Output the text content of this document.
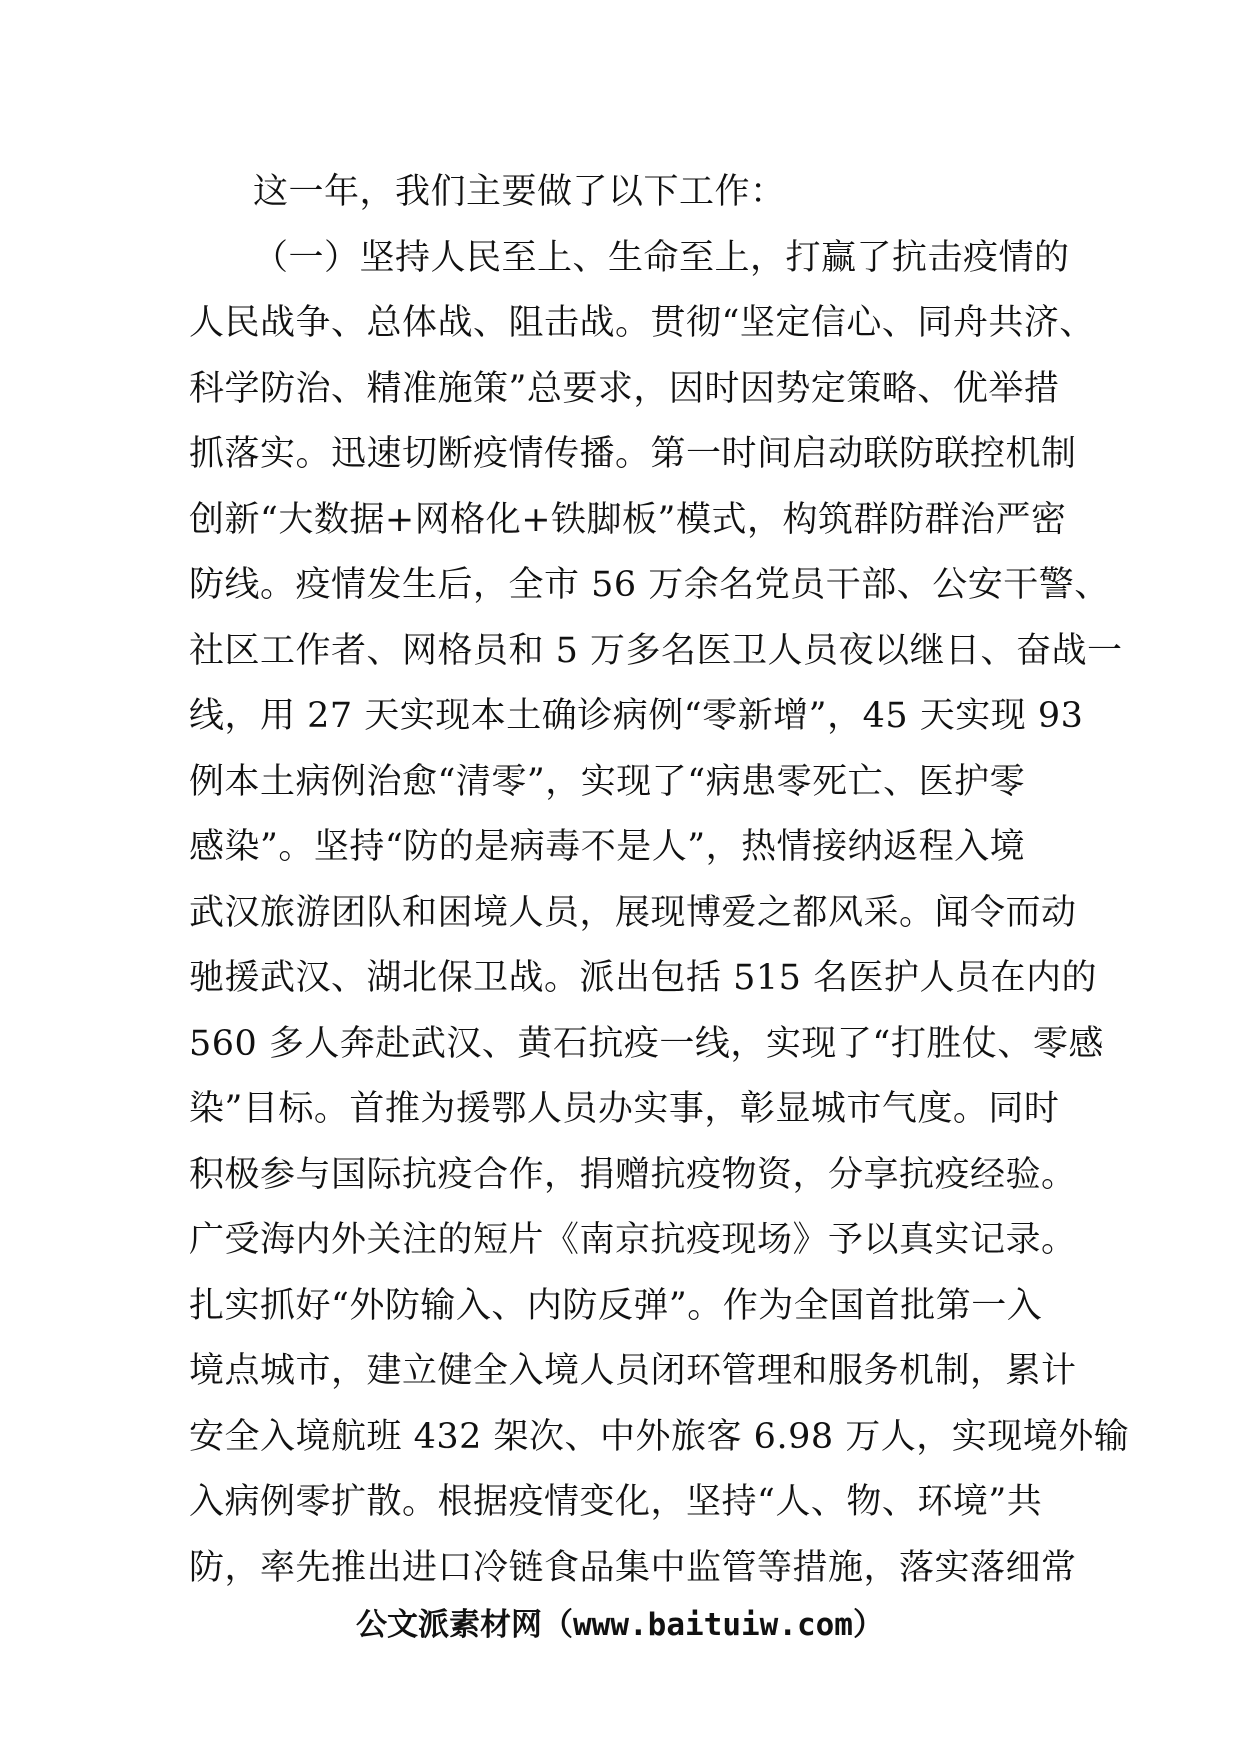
这一年，我们主要做了以下工作：
（一）坚持人民至上、生命至上，打赢了抗击疫情的
人民战争、总体战、阻击战。贯彻“坚定信心、同舟共济、
科学防治、精准施策”总要求，因时因势定策略、优举措
抓落实。迅速切断疫情传播。第一时间启动联防联控机制
创新“大数据+网格化+铁脚板”模式，构筑群防群治严密
防线。疫情发生后，全市 56 万余名党员干部、公安干警、
社区工作者、网格员和 5 万多名医卫人员夜以继日、奋战一
线，用 27 天实现本土确诊病例“零新增”，45 天实现 93
例本土病例治愈“清零”，实现了“病患零死亡、医护零
感染”。坚持“防的是病毒不是人”，热情接纳返程入境
武汉旅游团队和困境人员，展现博爱之都风采。闻令而动
驰援武汉、湖北保卫战。派出包括 515 名医护人员在内的
560 多人奔赴武汉、黄石抗疫一线，实现了“打胜仗、零感
染”目标。首推为援鄂人员办实事，彰显城市气度。同时
积极参与国际抗疫合作，捐赠抗疫物资，分享抗疫经验。
广受海内外关注的短片《南京抗疫现场》予以真实记录。
扎实抓好“外防输入、内防反弹”。作为全国首批第一入
境点城市，建立健全入境人员闭环管理和服务机制，累计
安全入境航班 432 架次、中外旅客 6.98 万人，实现境外输
入病例零扩散。根据疫情变化，坚持“人、物、环境”共
防，率先推出进口冷链食品集中监管等措施，落实落细常
公文派素材网（www.baituiw.com）
